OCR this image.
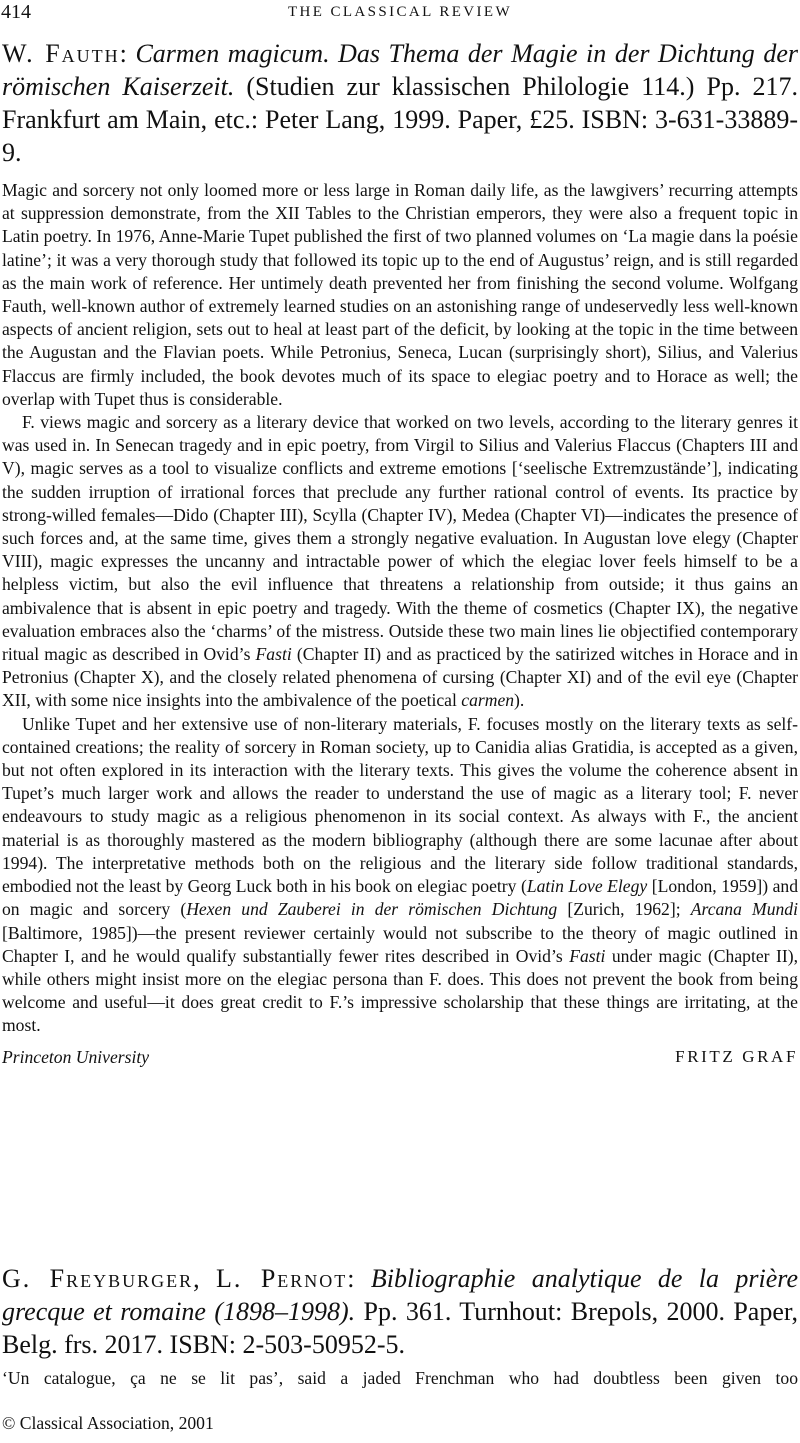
414	THE CLASSICAL REVIEW

W. Fauth: Carmen magicum. Das Thema der Magie in der Dichtung der römischen Kaiserzeit. (Studien zur klassischen Philologie 114.) Pp. 217. Frankfurt am Main, etc.: Peter Lang, 1999. Paper, £25. ISBN: 3-631-33889-9.

Magic and sorcery not only loomed more or less large in Roman daily life, as the lawgivers’ recurring attempts at suppression demonstrate, from the XII Tables to the Christian emperors, they were also a frequent topic in Latin poetry. In 1976, Anne-Marie Tupet published the first of two planned volumes on ‘La magie dans la poésie latine’; it was a very thorough study that followed its topic up to the end of Augustus’ reign, and is still regarded as the main work of reference. Her untimely death prevented her from finishing the second volume. Wolfgang Fauth, well-known author of extremely learned studies on an astonishing range of undeservedly less well-known aspects of ancient religion, sets out to heal at least part of the deficit, by looking at the topic in the time between the Augustan and the Flavian poets. While Petronius, Seneca, Lucan (surprisingly short), Silius, and Valerius Flaccus are firmly included, the book devotes much of its space to elegiac poetry and to Horace as well; the overlap with Tupet thus is considerable.

F. views magic and sorcery as a literary device that worked on two levels, according to the literary genres it was used in. In Senecan tragedy and in epic poetry, from Virgil to Silius and Valerius Flaccus (Chapters III and V), magic serves as a tool to visualize conflicts and extreme emotions [‘seelische Extremzustände’], indicating the sudden irruption of irrational forces that preclude any further rational control of events. Its practice by strong-willed females—Dido (Chapter III), Scylla (Chapter IV), Medea (Chapter VI)—indicates the presence of such forces and, at the same time, gives them a strongly negative evaluation. In Augustan love elegy (Chapter VIII), magic expresses the uncanny and intractable power of which the elegiac lover feels himself to be a helpless victim, but also the evil influence that threatens a relationship from outside; it thus gains an ambivalence that is absent in epic poetry and tragedy. With the theme of cosmetics (Chapter IX), the negative evaluation embraces also the ‘charms’ of the mistress. Outside these two main lines lie objectified contemporary ritual magic as described in Ovid’s Fasti (Chapter II) and as practiced by the satirized witches in Horace and in Petronius (Chapter X), and the closely related phenomena of cursing (Chapter XI) and of the evil eye (Chapter XII, with some nice insights into the ambivalence of the poetical carmen).

Unlike Tupet and her extensive use of non-literary materials, F. focuses mostly on the literary texts as self-contained creations; the reality of sorcery in Roman society, up to Canidia alias Gratidia, is accepted as a given, but not often explored in its interaction with the literary texts. This gives the volume the coherence absent in Tupet’s much larger work and allows the reader to understand the use of magic as a literary tool; F. never endeavours to study magic as a religious phenomenon in its social context. As always with F., the ancient material is as thoroughly mastered as the modern bibliography (although there are some lacunae after about 1994). The interpretative methods both on the religious and the literary side follow traditional standards, embodied not the least by Georg Luck both in his book on elegiac poetry (Latin Love Elegy [London, 1959]) and on magic and sorcery (Hexen und Zauberei in der römischen Dichtung [Zurich, 1962]; Arcana Mundi [Baltimore, 1985])—the present reviewer certainly would not subscribe to the theory of magic outlined in Chapter I, and he would qualify substantially fewer rites described in Ovid’s Fasti under magic (Chapter II), while others might insist more on the elegiac persona than F. does. This does not prevent the book from being welcome and useful—it does great credit to F.’s impressive scholarship that these things are irritating, at the most.

Princeton University	FRITZ GRAF

G. Freyburger, L. Pernot: Bibliographie analytique de la prière grecque et romaine (1898–1998). Pp. 361. Turnhout: Brepols, 2000. Paper, Belg. frs. 2017. ISBN: 2-503-50952-5.

‘Un catalogue, ça ne se lit pas’, said a jaded Frenchman who had doubtless been given too

© Classical Association, 2001
